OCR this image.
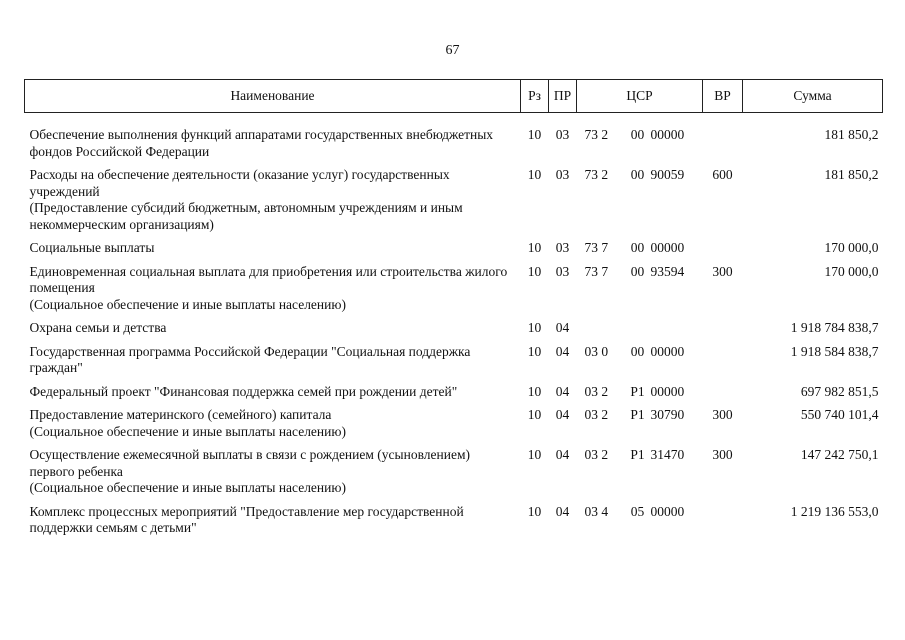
67
Наименование	Рз	ПР	ЦСР			ВР	Сумма

Обеспечение выполнения функций аппаратами государственных внебюджетных фондов Российской Федерации	10	03	73 2	00	00000		181 850,2

Расходы на обеспечение деятельности (оказание услуг) государственных учреждений
(Предоставление субсидий бюджетным, автономным учреждениям и иным некоммерческим организациям)	10	03	73 2	00	90059	600	181 850,2

Социальные выплаты	10	03	73 7	00	00000		170 000,0

Единовременная социальная выплата для приобретения или строительства жилого помещения
(Социальное обеспечение и иные выплаты населению)	10	03	73 7	00	93594	300	170 000,0

Охрана семьи и детства	10	04					1 918 784 838,7

Государственная программа Российской Федерации "Социальная поддержка граждан"	10	04	03 0	00	00000		1 918 584 838,7

Федеральный проект "Финансовая поддержка семей при рождении детей"	10	04	03 2	P1	00000		697 982 851,5

Предоставление материнского (семейного) капитала
(Социальное обеспечение и иные выплаты населению)	10	04	03 2	P1	30790	300	550 740 101,4

Осуществление ежемесячной выплаты в связи с рождением (усыновлением) первого ребенка
(Социальное обеспечение и иные выплаты населению)	10	04	03 2	P1	31470	300	147 242 750,1

Комплекс процессных мероприятий "Предоставление мер государственной поддержки семьям с детьми"	10	04	03 4	05	00000		1 219 136 553,0
